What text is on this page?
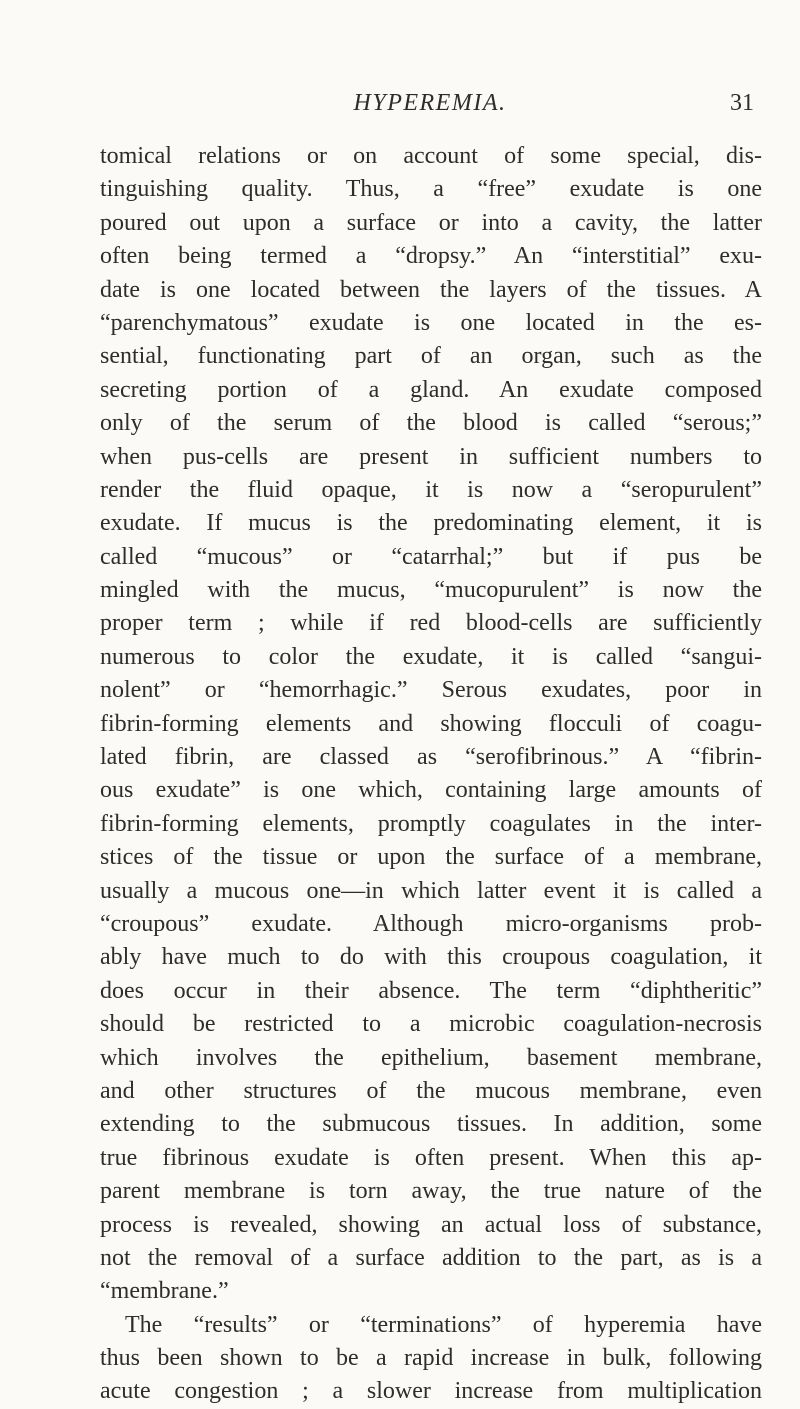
HYPEREMIA.	31
tomical relations or on account of some special, dis-
tinguishing quality. Thus, a “free” exudate is one
poured out upon a surface or into a cavity, the latter
often being termed a “dropsy.” An “interstitial” exu-
date is one located between the layers of the tissues. A
“parenchymatous” exudate is one located in the es-
sential, functionating part of an organ, such as the
secreting portion of a gland. An exudate composed
only of the serum of the blood is called “serous;”
when pus-cells are present in sufficient numbers to
render the fluid opaque, it is now a “seropurulent”
exudate. If mucus is the predominating element, it is
called “mucous” or “catarrhal;” but if pus be
mingled with the mucus, “mucopurulent” is now the
proper term ; while if red blood-cells are sufficiently
numerous to color the exudate, it is called “sangui-
nolent” or “hemorrhagic.” Serous exudates, poor in
fibrin-forming elements and showing flocculi of coagu-
lated fibrin, are classed as “serofibrinous.” A “fibrin-
ous exudate” is one which, containing large amounts of
fibrin-forming elements, promptly coagulates in the inter-
stices of the tissue or upon the surface of a membrane,
usually a mucous one—in which latter event it is called a
“croupous” exudate. Although micro-organisms prob-
ably have much to do with this croupous coagulation, it
does occur in their absence. The term “diphtheritic”
should be restricted to a microbic coagulation-necrosis
which involves the epithelium, basement membrane,
and other structures of the mucous membrane, even
extending to the submucous tissues. In addition, some
true fibrinous exudate is often present. When this ap-
parent membrane is torn away, the true nature of the
process is revealed, showing an actual loss of substance,
not the removal of a surface addition to the part, as is a
“membrane.”
The “results” or “terminations” of hyperemia have
thus been shown to be a rapid increase in bulk, following
acute congestion ; a slower increase from multiplication
